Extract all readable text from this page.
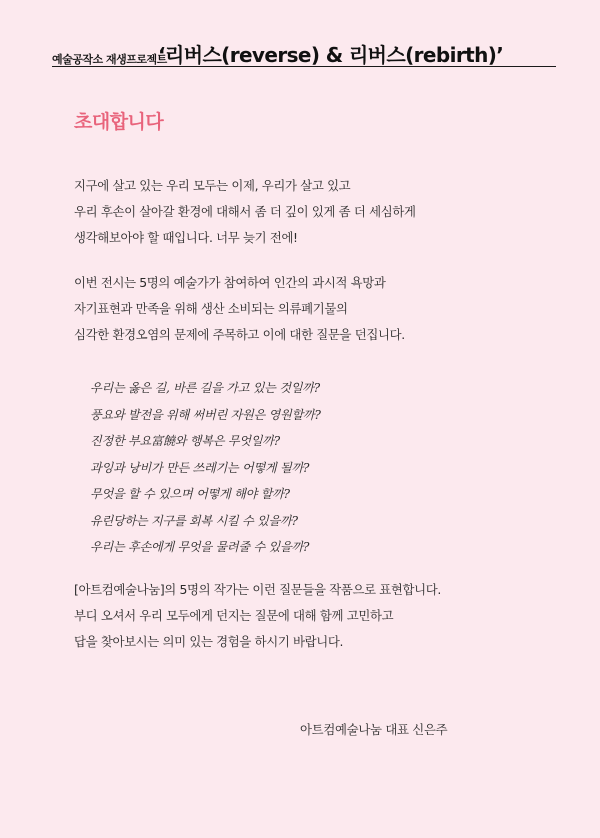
예술공작소 재생프로젝트
‘리버스(reverse) & 리버스(rebirth)’
초대합니다

지구에 살고 있는 우리 모두는 이제, 우리가 살고 있고
우리 후손이 살아갈 환경에 대해서 좀 더 깊이 있게 좀 더 세심하게
생각해보아야 할 때입니다. 너무 늦기 전에!

이번 전시는 5명의 예술가가 참여하여 인간의 과시적 욕망과
자기표현과 만족을 위해 생산 소비되는 의류폐기물의
심각한 환경오염의 문제에 주목하고 이에 대한 질문을 던집니다.

우리는 옳은 길, 바른 길을 가고 있는 것일까?
풍요와 발전을 위해 써버린 자원은 영원할까?
진정한 부요富饒와 행복은 무엇일까?
과잉과 낭비가 만든 쓰레기는 어떻게 될까?
무엇을 할 수 있으며 어떻게 해야 할까?
유린당하는 지구를 회복 시킬 수 있을까?
우리는 후손에게 무엇을 물려줄 수 있을까?

[아트컴예술나눔]의 5명의 작가는 이런 질문들을 작품으로 표현합니다.
부디 오셔서 우리 모두에게 던지는 질문에 대해 함께 고민하고
답을 찾아보시는 의미 있는 경험을 하시기 바랍니다.

아트컴예술나눔 대표 신은주
